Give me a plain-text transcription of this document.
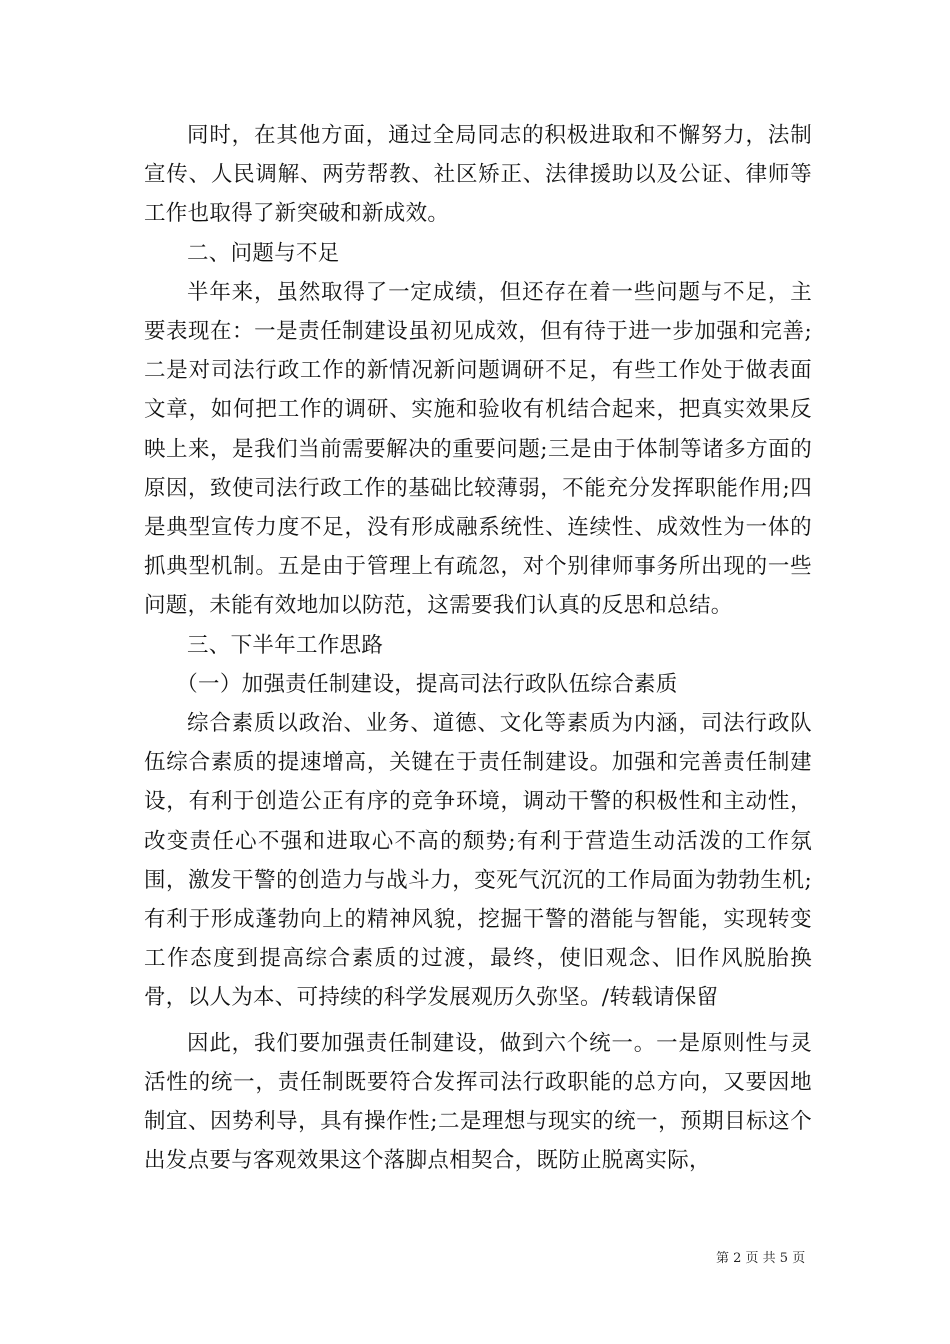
同时，在其他方面，通过全局同志的积极进取和不懈努力，法制宣传、人民调解、两劳帮教、社区矫正、法律援助以及公证、律师等工作也取得了新突破和新成效。

二、问题与不足

半年来，虽然取得了一定成绩，但还存在着一些问题与不足，主要表现在：一是责任制建设虽初见成效，但有待于进一步加强和完善;二是对司法行政工作的新情况新问题调研不足，有些工作处于做表面文章，如何把工作的调研、实施和验收有机结合起来，把真实效果反映上来，是我们当前需要解决的重要问题;三是由于体制等诸多方面的原因，致使司法行政工作的基础比较薄弱，不能充分发挥职能作用;四是典型宣传力度不足，没有形成融系统性、连续性、成效性为一体的抓典型机制。五是由于管理上有疏忽，对个别律师事务所出现的一些问题，未能有效地加以防范，这需要我们认真的反思和总结。

三、下半年工作思路

（一）加强责任制建设，提高司法行政队伍综合素质

综合素质以政治、业务、道德、文化等素质为内涵，司法行政队伍综合素质的提速增高，关键在于责任制建设。加强和完善责任制建设，有利于创造公正有序的竞争环境，调动干警的积极性和主动性，改变责任心不强和进取心不高的颓势;有利于营造生动活泼的工作氛围，激发干警的创造力与战斗力，变死气沉沉的工作局面为勃勃生机;有利于形成蓬勃向上的精神风貌，挖掘干警的潜能与智能，实现转变工作态度到提高综合素质的过渡，最终，使旧观念、旧作风脱胎换骨，以人为本、可持续的科学发展观历久弥坚。/转载请保留

因此，我们要加强责任制建设，做到六个统一。一是原则性与灵活性的统一，责任制既要符合发挥司法行政职能的总方向，又要因地制宜、因势利导，具有操作性;二是理想与现实的统一，预期目标这个出发点要与客观效果这个落脚点相契合，既防止脱离实际，

第 2 页 共 5 页
